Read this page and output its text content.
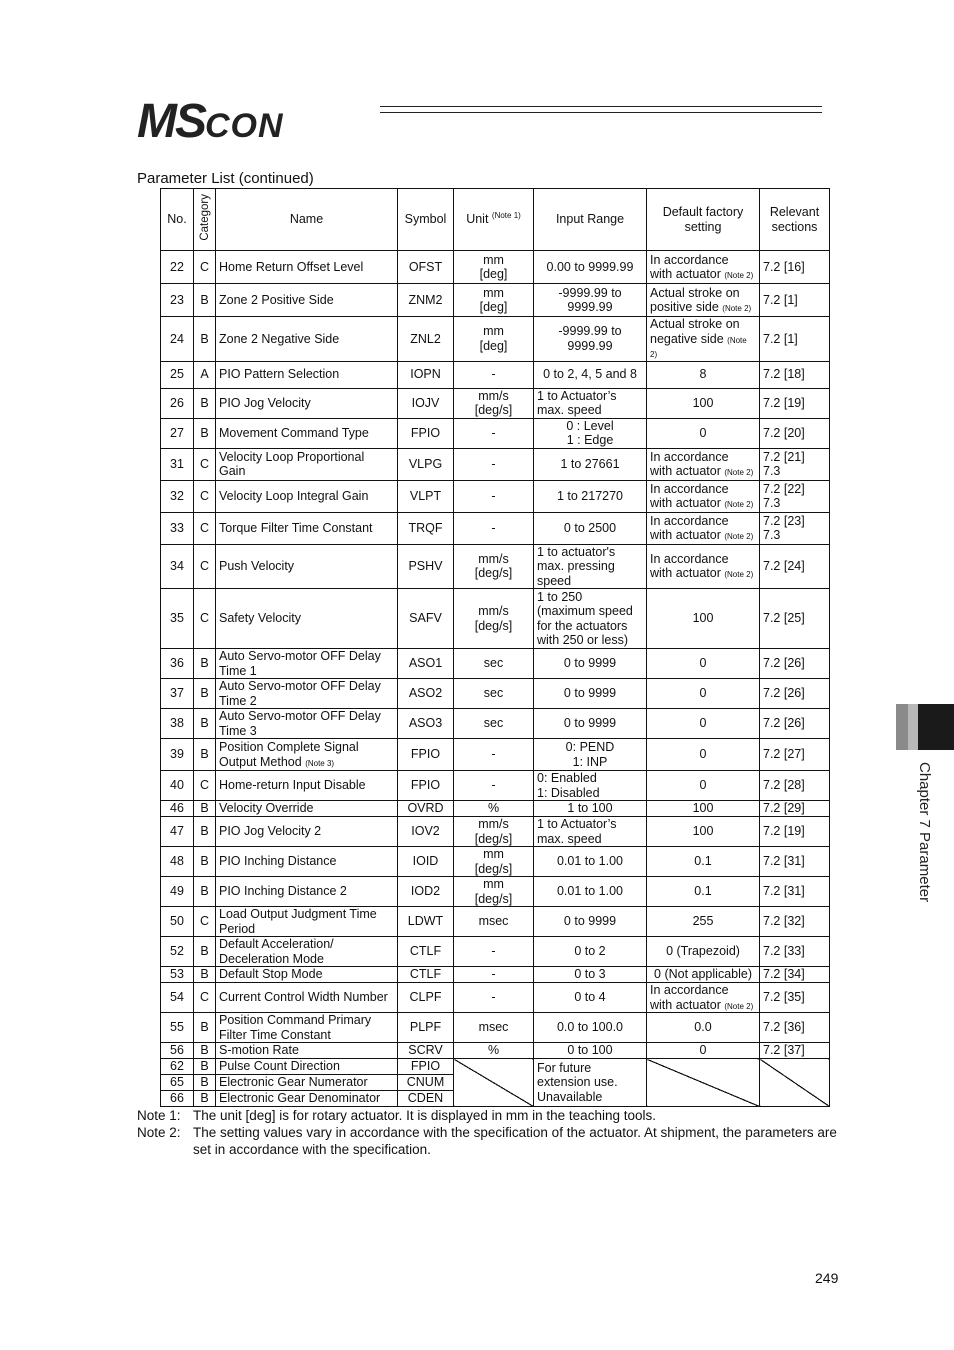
MSCON
Parameter List (continued)
No.	Category	Name	Symbol	Unit $^{(Note 1)}$	Input Range	Default factory
setting	Relevant
sections
22	C	Home Return Offset Level	OFST	mm
[deg]	0.00 to 9999.99	In accordance
with actuator (Note 2)	7.2 [16]
23	B	Zone 2 Positive Side	ZNM2	mm
[deg]	-9999.99 to
9999.99	Actual stroke on
positive side (Note 2)	7.2 [1]
24	B	Zone 2 Negative Side	ZNL2	mm
[deg]	-9999.99 to
9999.99	Actual stroke on
negative side (Note 2)	7.2 [1]
25	A	PIO Pattern Selection	IOPN	-	0 to 2, 4, 5 and 8	8	7.2 [18]
26	B	PIO Jog Velocity	IOJV	mm/s
[deg/s]	1 to Actuator’s
max. speed	100	7.2 [19]
27	B	Movement Command Type	FPIO	-	0 : Level
1 : Edge	0	7.2 [20]
31	C	Velocity Loop Proportional
Gain	VLPG	-	1 to 27661	In accordance
with actuator (Note 2)	7.2 [21]
7.3
32	C	Velocity Loop Integral Gain	VLPT	-	1 to 217270	In accordance
with actuator (Note 2)	7.2 [22]
7.3
33	C	Torque Filter Time Constant	TRQF	-	0 to 2500	In accordance
with actuator (Note 2)	7.2 [23]
7.3
34	C	Push Velocity	PSHV	mm/s
[deg/s]	1 to actuator's
max. pressing
speed	In accordance
with actuator (Note 2)	7.2 [24]
35	C	Safety Velocity	SAFV	mm/s
[deg/s]	1 to 250
(maximum speed
for the actuators
with 250 or less)	100	7.2 [25]
36	B	Auto Servo-motor OFF Delay
Time 1	ASO1	sec	0 to 9999	0	7.2 [26]
37	B	Auto Servo-motor OFF Delay
Time 2	ASO2	sec	0 to 9999	0	7.2 [26]
38	B	Auto Servo-motor OFF Delay
Time 3	ASO3	sec	0 to 9999	0	7.2 [26]
39	B	Position Complete Signal
Output Method (Note 3)	FPIO	-	0: PEND
1: INP	0	7.2 [27]
40	C	Home-return Input Disable	FPIO	-	0: Enabled
1: Disabled	0	7.2 [28]
46	B	Velocity Override	OVRD	%	1 to 100	100	7.2 [29]
47	B	PIO Jog Velocity 2	IOV2	mm/s
[deg/s]	1 to Actuator’s
max. speed	100	7.2 [19]
48	B	PIO Inching Distance	IOID	mm
[deg/s]	0.01 to 1.00	0.1	7.2 [31]
49	B	PIO Inching Distance 2	IOD2	mm
[deg/s]	0.01 to 1.00	0.1	7.2 [31]
50	C	Load Output Judgment Time
Period	LDWT	msec	0 to 9999	255	7.2 [32]
52	B	Default Acceleration/
Deceleration Mode	CTLF	-	0 to 2	0 (Trapezoid)	7.2 [33]
53	B	Default Stop Mode	CTLF	-	0 to 3	0 (Not applicable)	7.2 [34]
54	C	Current Control Width Number	CLPF	-	0 to 4	In accordance
with actuator (Note 2)	7.2 [35]
55	B	Position Command Primary
Filter Time Constant	PLPF	msec	0.0 to 100.0	0.0	7.2 [36]
56	B	S-motion Rate	SCRV	%	0 to 100	0	7.2 [37]
62	B	Pulse Count Direction	FPIO		For future
extension use.
Unavailable		
65	B	Electronic Gear Numerator	CNUM				
66	B	Electronic Gear Denominator	CDEN				
Note 1: The unit [deg] is for rotary actuator. It is displayed in mm in the teaching tools.
Note 2: The setting values vary in accordance with the specification of the actuator. At shipment, the parameters are set in accordance with the specification.
Chapter 7 Parameter
249
